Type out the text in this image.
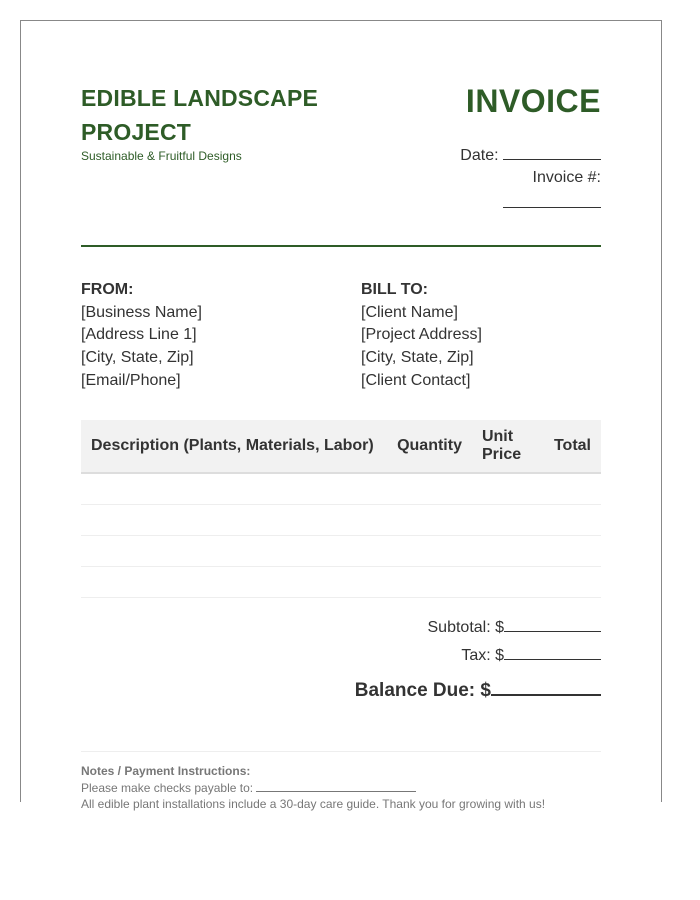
EDIBLE LANDSCAPE PROJECT
Sustainable & Fruitful Designs
INVOICE
Date:
Invoice #:
FROM:
[Business Name]
[Address Line 1]
[City, State, Zip]
[Email/Phone]
BILL TO:
[Client Name]
[Project Address]
[City, State, Zip]
[Client Contact]
Description (Plants, Materials, Labor)	Quantity	Unit Price	Total

Subtotal: $
Tax: $
Balance Due: $
Notes / Payment Instructions:
Please make checks payable to:
All edible plant installations include a 30-day care guide. Thank you for growing with us!
